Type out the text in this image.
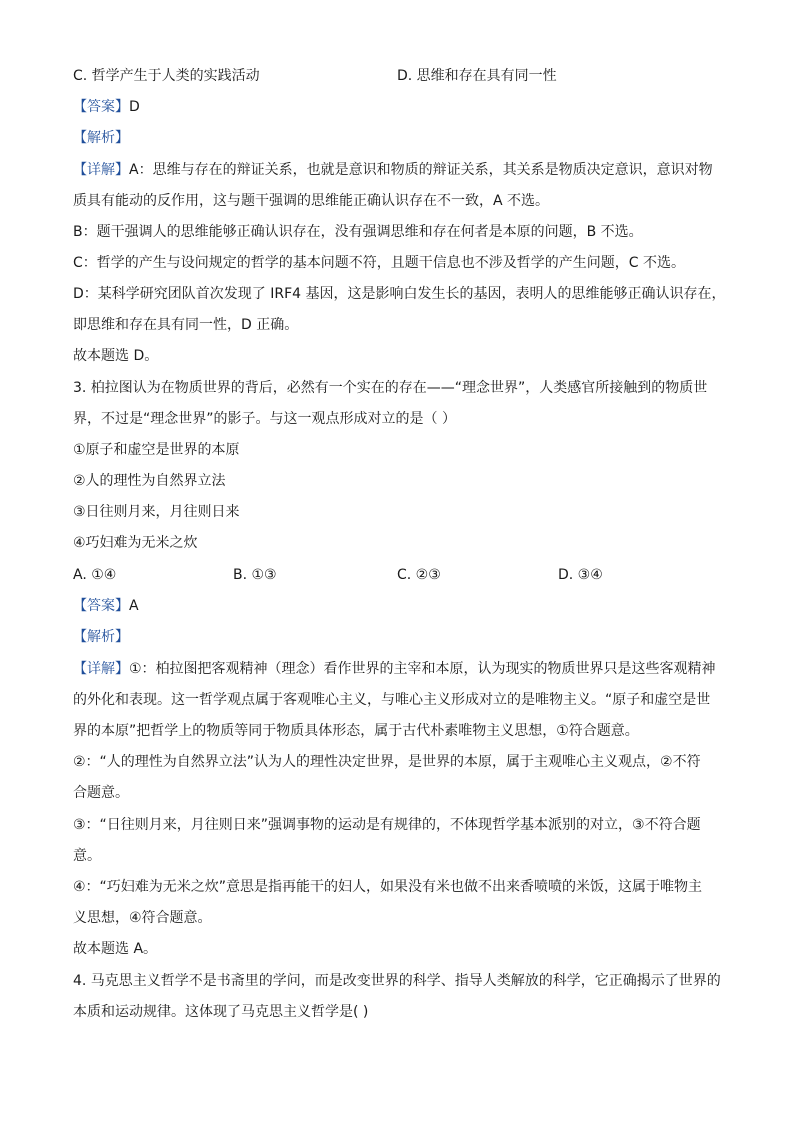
C. 哲学产生于人类的实践活动	D. 思维和存在具有同一性
【答案】D
【解析】
【详解】A：思维与存在的辩证关系，也就是意识和物质的辩证关系，其关系是物质决定意识，意识对物
质具有能动的反作用，这与题干强调的思维能正确认识存在不一致，A 不选。
B：题干强调人的思维能够正确认识存在，没有强调思维和存在何者是本原的问题，B 不选。
C：哲学的产生与设问规定的哲学的基本问题不符，且题干信息也不涉及哲学的产生问题，C 不选。
D：某科学研究团队首次发现了 IRF4 基因，这是影响白发生长的基因，表明人的思维能够正确认识存在，
即思维和存在具有同一性，D 正确。
故本题选 D。
3. 柏拉图认为在物质世界的背后，必然有一个实在的存在——“理念世界”，人类感官所接触到的物质世
界，不过是“理念世界”的影子。与这一观点形成对立的是（ ）
①原子和虚空是世界的本原
②人的理性为自然界立法
③日往则月来，月往则日来
④巧妇难为无米之炊
A. ①④	B. ①③	C. ②③	D. ③④
【答案】A
【解析】
【详解】①：柏拉图把客观精神（理念）看作世界的主宰和本原，认为现实的物质世界只是这些客观精神
的外化和表现。这一哲学观点属于客观唯心主义，与唯心主义形成对立的是唯物主义。“原子和虚空是世
界的本原”把哲学上的物质等同于物质具体形态，属于古代朴素唯物主义思想，①符合题意。
②：“人的理性为自然界立法”认为人的理性决定世界，是世界的本原，属于主观唯心主义观点，②不符
合题意。
③：“日往则月来，月往则日来”强调事物的运动是有规律的，不体现哲学基本派别的对立，③不符合题
意。
④：“巧妇难为无米之炊”意思是指再能干的妇人，如果没有米也做不出来香喷喷的米饭，这属于唯物主
义思想，④符合题意。
故本题选 A。
4. 马克思主义哲学不是书斋里的学问，而是改变世界的科学、指导人类解放的科学，它正确揭示了世界的
本质和运动规律。这体现了马克思主义哲学是( )
